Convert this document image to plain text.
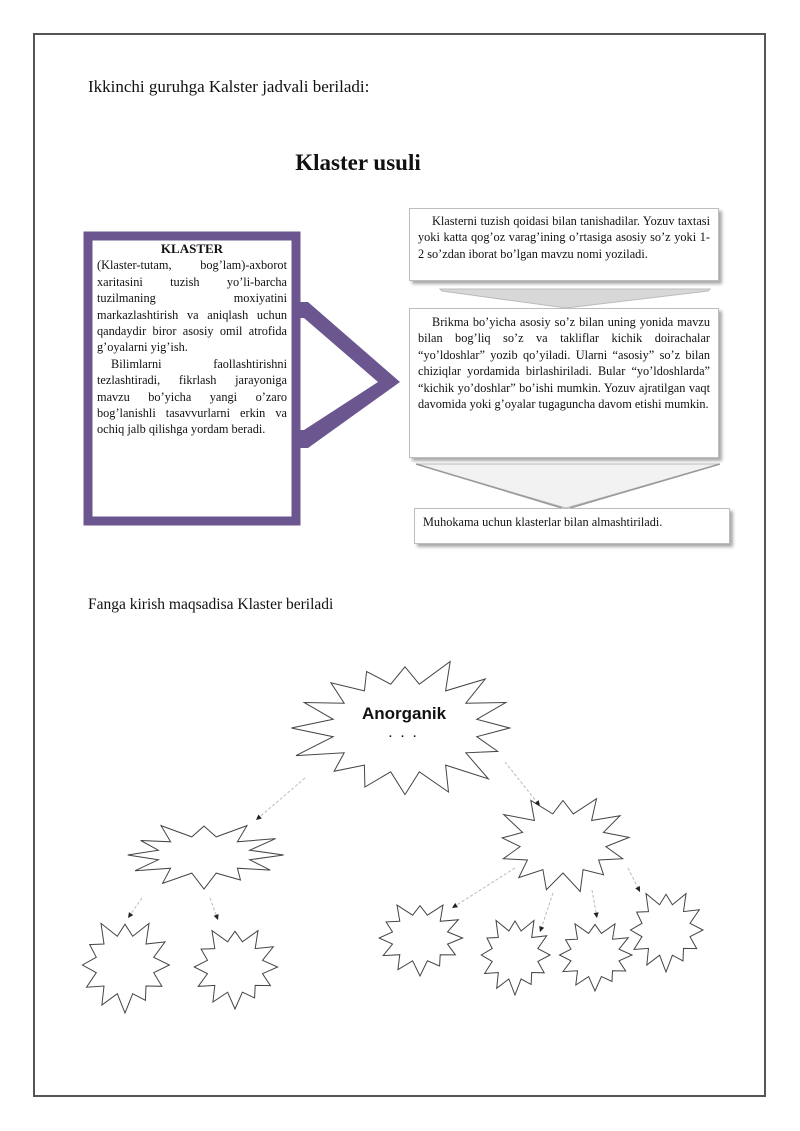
Ikkinchi guruhga Kalster jadvali beriladi:
Klaster usuli
KLASTER

(Klaster-tutam, bog’lam)-axborot xaritasini tuzish yo’li-barcha tuzilmaning moxiyatini markazlashtirish va aniqlash uchun qandaydir biror asosiy omil atrofida g’oyalarni yig’ish.

Bilimlarni faollashtirishni tezlashtiradi, fikrlash jarayoniga mavzu bo’yicha yangi o’zaro bog’lanishli tasavvurlarni erkin va ochiq jalb qilishga yordam beradi.

Klasterni tuzish qoidasi bilan tanishadilar. Yozuv taxtasi yoki katta qog’oz varag’ining o’rtasiga asosiy so’z yoki 1-2 so’zdan iborat bo’lgan mavzu nomi yoziladi.
Brikma bo’yicha asosiy so’z bilan uning yonida mavzu bilan bog’liq so’z va takliflar kichik doirachalar “yo’ldoshlar” yozib qo’yiladi. Ularni “asosiy” so’z bilan chiziqlar yordamida birlashiriladi. Bular “yo’ldoshlarda” “kichik yo’doshlar” bo’ishi mumkin. Yozuv ajratilgan vaqt davomida yoki g’oyalar tugaguncha davom etishi mumkin.
Muhokama uchun klasterlar bilan almashtiriladi.
Fanga kirish maqsadisa Klaster beriladi
Anorganik
. . .
